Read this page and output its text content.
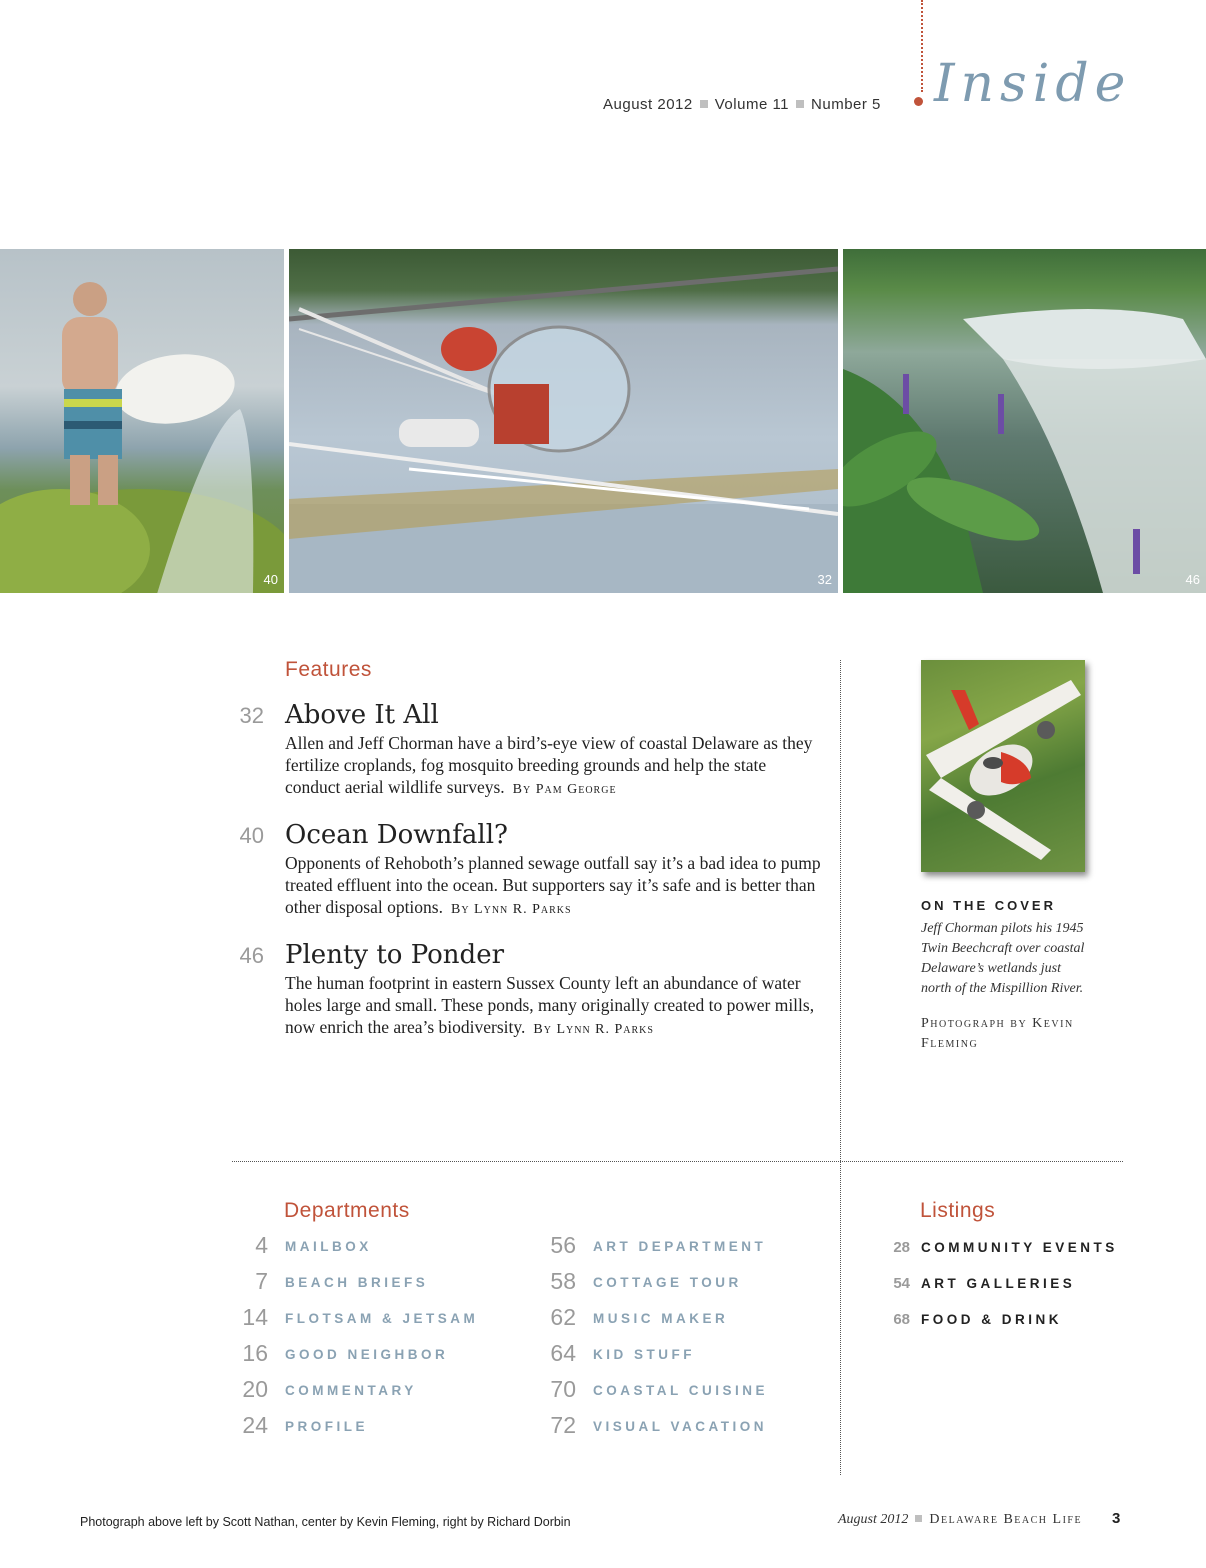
August 2012 Volume 11 Number 5 Inside
40	32	46
Features
32 Above It All
Allen and Jeff Chorman have a bird’s-eye view of coastal Delaware as they fertilize croplands, fog mosquito breeding grounds and help the state conduct aerial wildlife surveys. By Pam George
40 Ocean Downfall?
Opponents of Rehoboth’s planned sewage outfall say it’s a bad idea to pump treated effluent into the ocean. But supporters say it’s safe and is better than other disposal options. By Lynn R. Parks
46 Plenty to Ponder
The human footprint in eastern Sussex County left an abundance of water holes large and small. These ponds, many originally created to power mills, now enrich the area’s biodiversity. By Lynn R. Parks
ON THE COVER
Jeff Chorman pilots his 1945 Twin Beechcraft over coastal Delaware’s wetlands just north of the Mispillion River.
Photograph by Kevin Fleming
Departments
4 MAILBOX
7 BEACH BRIEFS
14 FLOTSAM & JETSAM
16 GOOD NEIGHBOR
20 COMMENTARY
24 PROFILE
56 ART DEPARTMENT
58 COTTAGE TOUR
62 MUSIC MAKER
64 KID STUFF
70 COASTAL CUISINE
72 VISUAL VACATION
Listings
28 COMMUNITY EVENTS
54 ART GALLERIES
68 FOOD & DRINK
Photograph above left by Scott Nathan, center by Kevin Fleming, right by Richard Dorbin	August 2012 Delaware Beach Life 3
